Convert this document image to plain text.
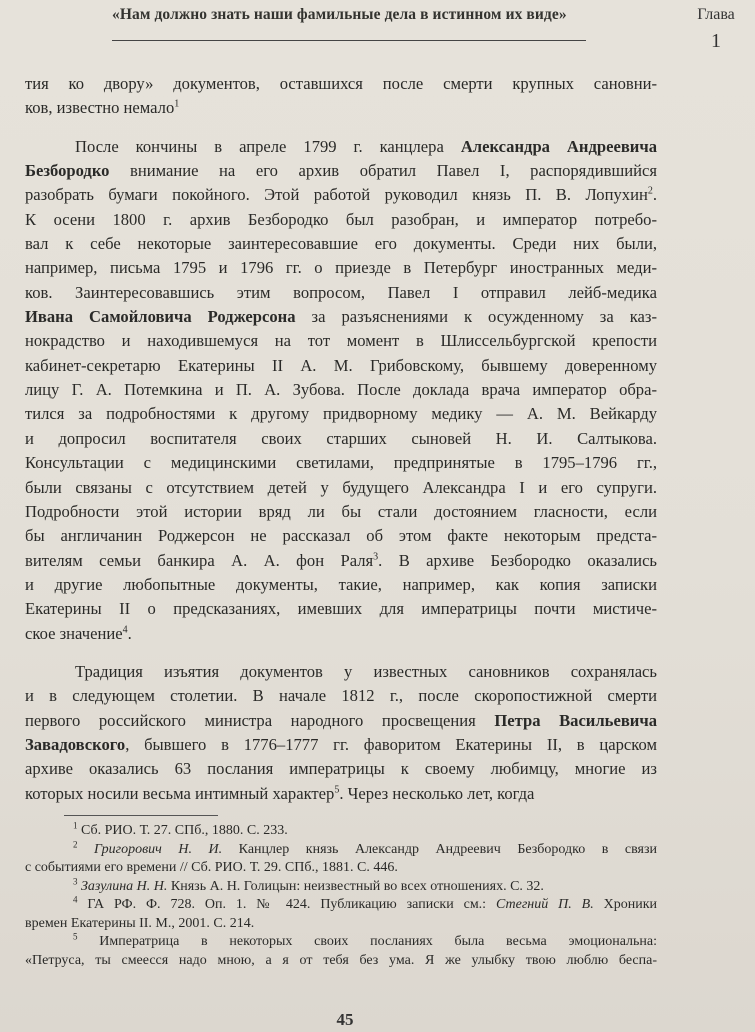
«Нам должно знать наши фамильные дела в истинном их виде»	Глава
1

тия ко двору» документов, оставшихся после смерти крупных сановни-

ков, известно немало$^1$

После кончины в апреле 1799 г. канцлера Александра Андреевича

Безбородко внимание на его архив обратил Павел I, распорядившийся

разобрать бумаги покойного. Этой работой руководил князь П. В. Лопухин$^2$.

К осени 1800 г. архив Безбородко был разобран, и император потребо-

вал к себе некоторые заинтересовавшие его документы. Среди них были,

например, письма 1795 и 1796 гг. о приезде в Петербург иностранных меди-

ков. Заинтересовавшись этим вопросом, Павел I отправил лейб-медика

Ивана Самойловича Роджерсона за разъяснениями к осужденному за каз-

нокрадство и находившемуся на тот момент в Шлиссельбургской крепости

кабинет-секретарю Екатерины II А. М. Грибовскому, бывшему доверенному

лицу Г. А. Потемкина и П. А. Зубова. После доклада врача император обра-

тился за подробностями к другому придворному медику — А. М. Вейкарду

и допросил воспитателя своих старших сыновей Н. И. Салтыкова.

Консультации с медицинскими светилами, предпринятые в 1795–1796 гг.,

были связаны с отсутствием детей у будущего Александра I и его супруги.

Подробности этой истории вряд ли бы стали достоянием гласности, если

бы англичанин Роджерсон не рассказал об этом факте некоторым предста-

вителям семьи банкира А. А. фон Раля$^3$. В архиве Безбородко оказались

и другие любопытные документы, такие, например, как копия записки

Екатерины II о предсказаниях, имевших для императрицы почти мистиче-

ское значение$^4$.

Традиция изъятия документов у известных сановников сохранялась

и в следующем столетии. В начале 1812 г., после скоропостижной смерти

первого российского министра народного просвещения Петра Васильевича

Завадовского, бывшего в 1776–1777 гг. фаворитом Екатерины II, в царском

архиве оказались 63 послания императрицы к своему любимцу, многие из

которых носили весьма интимный характер$^5$. Через несколько лет, когда

$^1$ Сб. РИО. Т. 27. СПб., 1880. С. 233.

$^2$ Григорович Н. И. Канцлер князь Александр Андреевич Безбородко в связи

с событиями его времени // Сб. РИО. Т. 29. СПб., 1881. С. 446.

$^3$ Зазулина Н. Н. Князь А. Н. Голицын: неизвестный во всех отношениях. С. 32.

$^4$ ГА РФ. Ф. 728. Оп. 1. № 424. Публикацию записки см.: Стегний П. В. Хроники

времен Екатерины II. М., 2001. С. 214.

$^5$ Императрица в некоторых своих посланиях была весьма эмоциональна:

«Петруса, ты смеесся надо мною, а я от тебя без ума. Я же улыбку твою люблю беспа-

45
